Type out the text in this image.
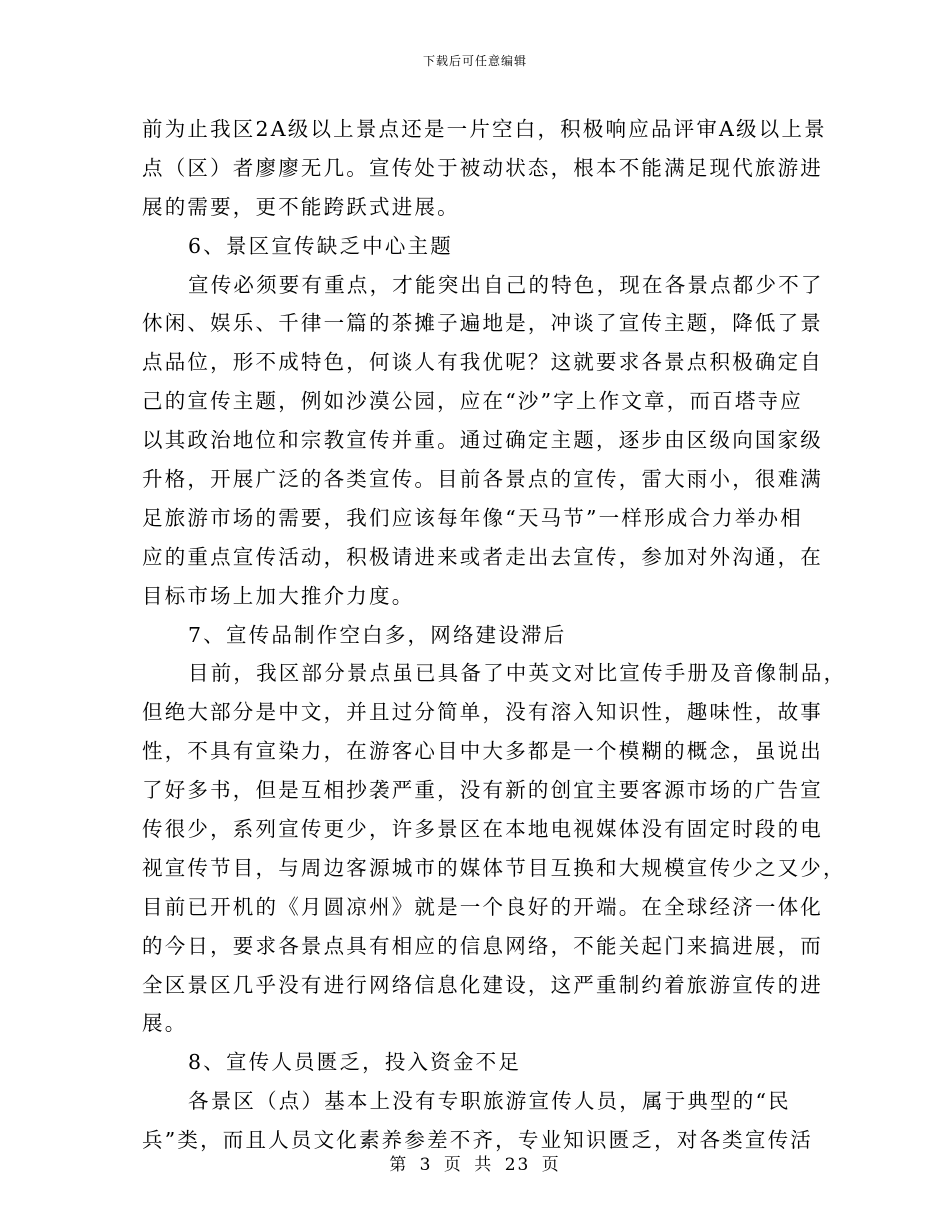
下载后可任意编辑
前为止我区2A级以上景点还是一片空白，积极响应品评审A级以上景
点（区）者廖廖无几。宣传处于被动状态，根本不能满足现代旅游进
展的需要，更不能跨跃式进展。
6、景区宣传缺乏中心主题
宣传必须要有重点，才能突出自己的特色，现在各景点都少不了
休闲、娱乐、千律一篇的茶摊子遍地是，冲谈了宣传主题，降低了景
点品位，形不成特色，何谈人有我优呢？这就要求各景点积极确定自
己的宣传主题，例如沙漠公园，应在“沙”字上作文章，而百塔寺应
以其政治地位和宗教宣传并重。通过确定主题，逐步由区级向国家级
升格，开展广泛的各类宣传。目前各景点的宣传，雷大雨小，很难满
足旅游市场的需要，我们应该每年像“天马节”一样形成合力举办相
应的重点宣传活动，积极请进来或者走出去宣传，参加对外沟通，在
目标市场上加大推介力度。
7、宣传品制作空白多，网络建设滞后
目前，我区部分景点虽已具备了中英文对比宣传手册及音像制品，
但绝大部分是中文，并且过分简单，没有溶入知识性，趣味性，故事
性，不具有宣染力，在游客心目中大多都是一个模糊的概念，虽说出
了好多书，但是互相抄袭严重，没有新的创宜主要客源市场的广告宣
传很少，系列宣传更少，许多景区在本地电视媒体没有固定时段的电
视宣传节目，与周边客源城市的媒体节目互换和大规模宣传少之又少，
目前已开机的《月圆凉州》就是一个良好的开端。在全球经济一体化
的今日，要求各景点具有相应的信息网络，不能关起门来搞进展，而
全区景区几乎没有进行网络信息化建设，这严重制约着旅游宣传的进
展。
8、宣传人员匮乏，投入资金不足
各景区（点）基本上没有专职旅游宣传人员，属于典型的“民
兵”类，而且人员文化素养参差不齐，专业知识匮乏，对各类宣传活
第 3 页 共 23 页
